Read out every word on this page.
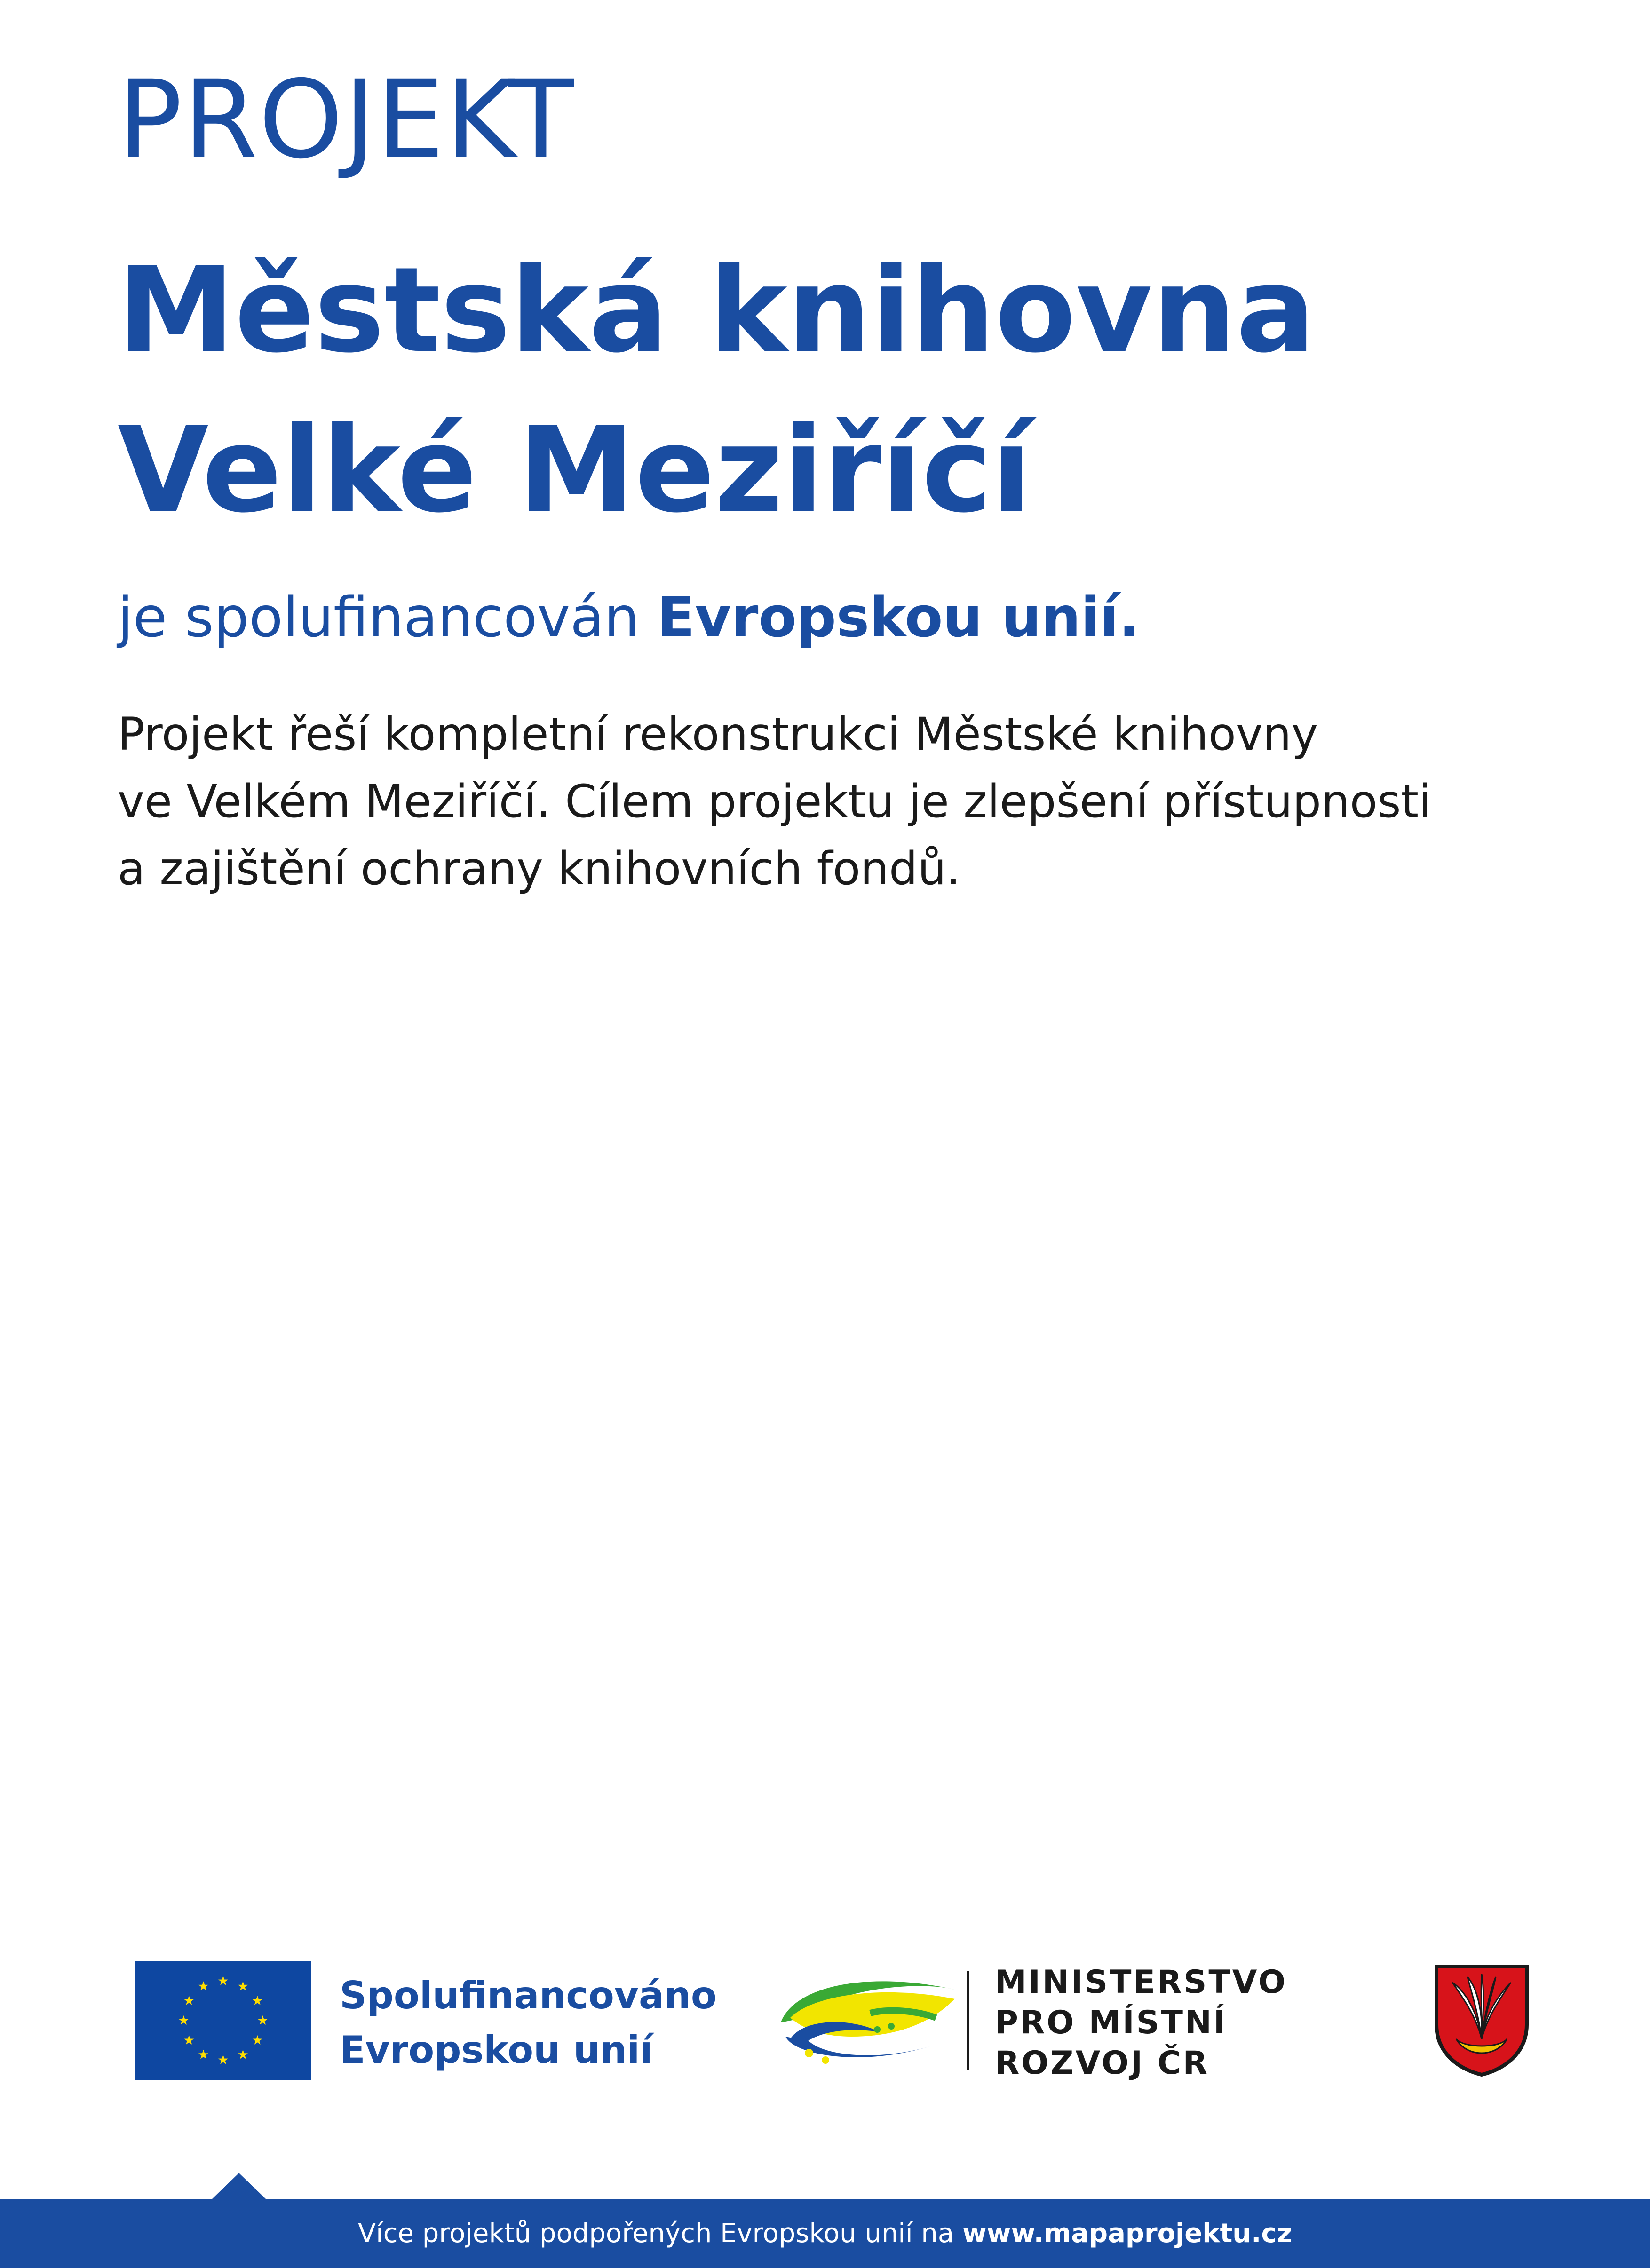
PROJEKT
Městská knihovna
Velké Meziříčí
je spolufinancován Evropskou unií.
Projekt řeší kompletní rekonstrukci Městské knihovny
ve Velkém Meziříčí. Cílem projektu je zlepšení přístupnosti
a zajištění ochrany knihovních fondů.
Spolufinancováno
Evropskou unií
MINISTERSTVO
PRO MÍSTNÍ
ROZVOJ ČR
Více projektů podpořených Evropskou unií na www.mapaprojektu.cz
